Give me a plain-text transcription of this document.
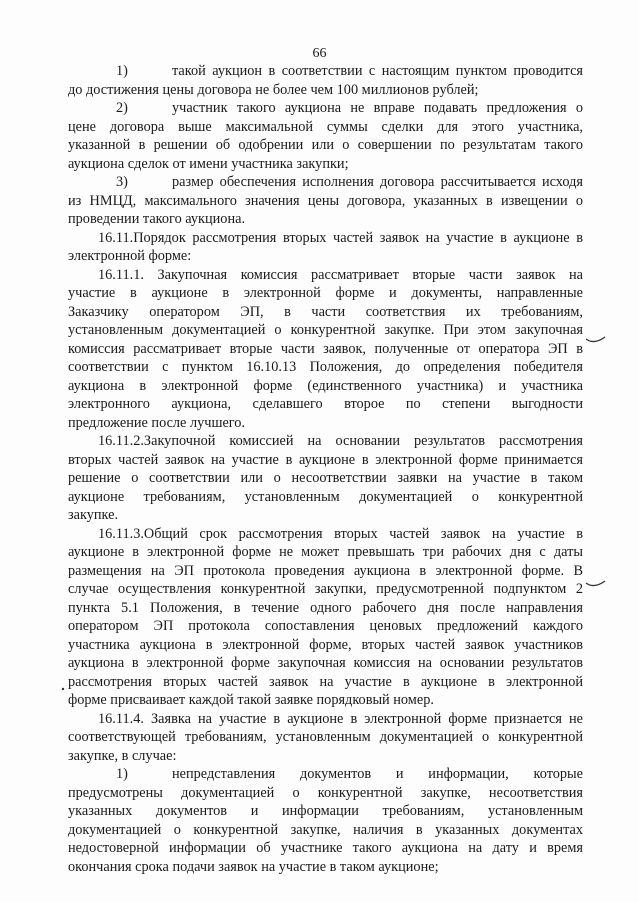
66
1)	такой аукцион в соответствии с настоящим пунктом проводится
до достижения цены договора не более чем 100 миллионов рублей;
2)	участник такого аукциона не вправе подавать предложения о
цене договора выше максимальной суммы сделки для этого участника,
указанной в решении об одобрении или о совершении по результатам такого
аукциона сделок от имени участника закупки;
3)	размер обеспечения исполнения договора рассчитывается исходя
из НМЦД, максимального значения цены договора, указанных в извещении о
проведении такого аукциона.
16.11.Порядок рассмотрения вторых частей заявок на участие в аукционе в
электронной форме:
16.11.1. Закупочная комиссия рассматривает вторые части заявок на
участие в аукционе в электронной форме и документы, направленные
Заказчику оператором ЭП, в части соответствия их требованиям,
установленным документацией о конкурентной закупке. При этом закупочная
комиссия рассматривает вторые части заявок, полученные от оператора ЭП в
соответствии с пунктом 16.10.13 Положения, до определения победителя
аукциона в электронной форме (единственного участника) и участника
электронного аукциона, сделавшего второе по степени выгодности
предложение после лучшего.
16.11.2.Закупочной комиссией на основании результатов рассмотрения
вторых частей заявок на участие в аукционе в электронной форме принимается
решение о соответствии или о несоответствии заявки на участие в таком
аукционе требованиям, установленным документацией о конкурентной
закупке.
16.11.3.Общий срок рассмотрения вторых частей заявок на участие в
аукционе в электронной форме не может превышать три рабочих дня с даты
размещения на ЭП протокола проведения аукциона в электронной форме. В
случае осуществления конкурентной закупки, предусмотренной подпунктом 2
пункта 5.1 Положения, в течение одного рабочего дня после направления
оператором ЭП протокола сопоставления ценовых предложений каждого
участника аукциона в электронной форме, вторых частей заявок участников
аукциона в электронной форме закупочная комиссия на основании результатов
рассмотрения вторых частей заявок на участие в аукционе в электронной
форме присваивает каждой такой заявке порядковый номер.
16.11.4. Заявка на участие в аукционе в электронной форме признается не
соответствующей требованиям, установленным документацией о конкурентной
закупке, в случае:
1)	непредставления документов и информации, которые
предусмотрены документацией о конкурентной закупке, несоответствия
указанных документов и информации требованиям, установленным
документацией о конкурентной закупке, наличия в указанных документах
недостоверной информации об участнике такого аукциона на дату и время
окончания срока подачи заявок на участие в таком аукционе;
